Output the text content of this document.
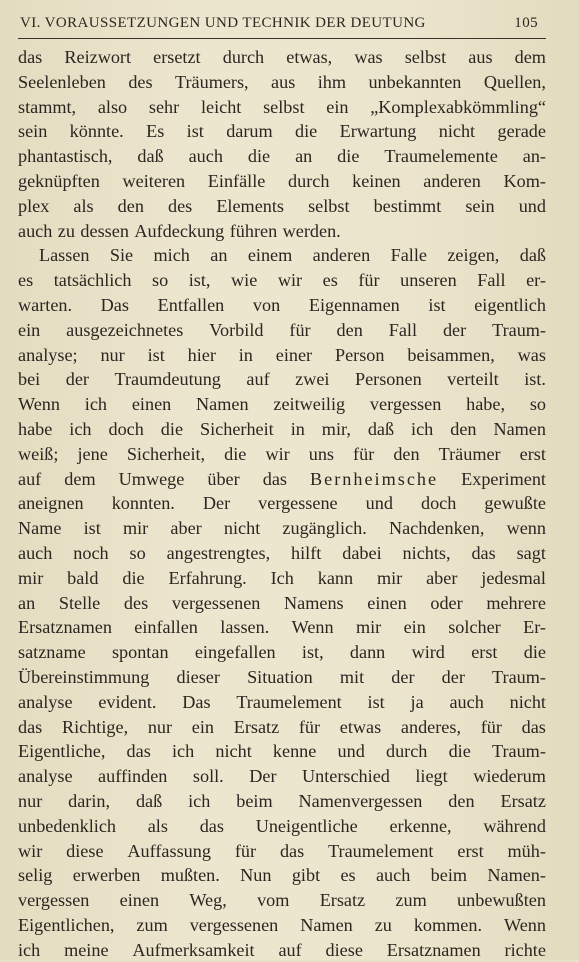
VI. VORAUSSETZUNGEN UND TECHNIK DER DEUTUNG	105
das Reizwort ersetzt durch etwas, was selbst aus dem
Seelenleben des Träumers, aus ihm unbekannten Quellen,
stammt, also sehr leicht selbst ein „Komplexabkömmling“
sein könnte. Es ist darum die Erwartung nicht gerade
phantastisch, daß auch die an die Traumelemente an-
geknüpften weiteren Einfälle durch keinen anderen Kom-
plex als den des Elements selbst bestimmt sein und
auch zu dessen Aufdeckung führen werden.
Lassen Sie mich an einem anderen Falle zeigen, daß
es tatsächlich so ist, wie wir es für unseren Fall er-
warten. Das Entfallen von Eigennamen ist eigentlich
ein ausgezeichnetes Vorbild für den Fall der Traum-
analyse; nur ist hier in einer Person beisammen, was
bei der Traumdeutung auf zwei Personen verteilt ist.
Wenn ich einen Namen zeitweilig vergessen habe, so
habe ich doch die Sicherheit in mir, daß ich den Namen
weiß; jene Sicherheit, die wir uns für den Träumer erst
auf dem Umwege über das Bernheimsche Experiment
aneignen konnten. Der vergessene und doch gewußte
Name ist mir aber nicht zugänglich. Nachdenken, wenn
auch noch so angestrengtes, hilft dabei nichts, das sagt
mir bald die Erfahrung. Ich kann mir aber jedesmal
an Stelle des vergessenen Namens einen oder mehrere
Ersatznamen einfallen lassen. Wenn mir ein solcher Er-
satzname spontan eingefallen ist, dann wird erst die
Übereinstimmung dieser Situation mit der der Traum-
analyse evident. Das Traumelement ist ja auch nicht
das Richtige, nur ein Ersatz für etwas anderes, für das
Eigentliche, das ich nicht kenne und durch die Traum-
analyse auffinden soll. Der Unterschied liegt wiederum
nur darin, daß ich beim Namenvergessen den Ersatz
unbedenklich als das Uneigentliche erkenne, während
wir diese Auffassung für das Traumelement erst müh-
selig erwerben mußten. Nun gibt es auch beim Namen-
vergessen einen Weg, vom Ersatz zum unbewußten
Eigentlichen, zum vergessenen Namen zu kommen. Wenn
ich meine Aufmerksamkeit auf diese Ersatznamen richte
